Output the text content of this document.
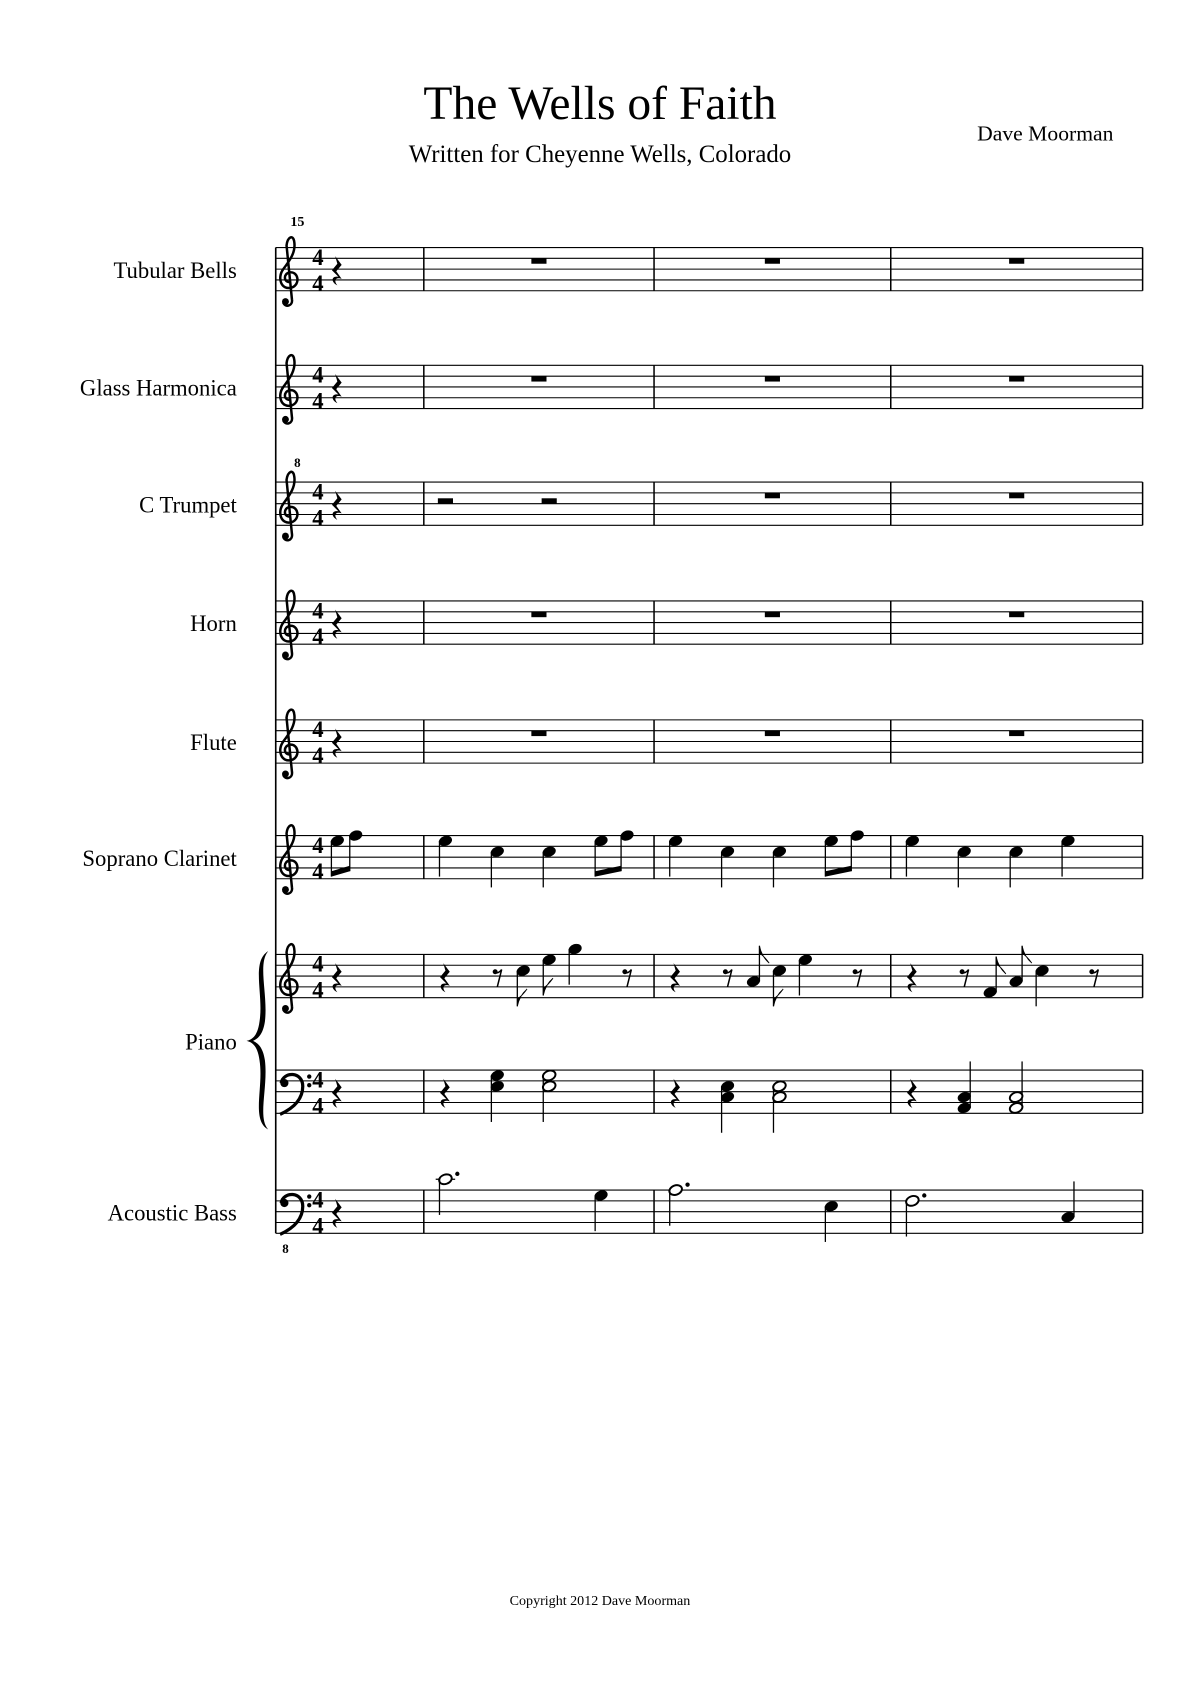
The Wells of Faith
Written for Cheyenne Wells, Colorado
Dave Moorman
15
Copyright 2012 Dave Moorman
Tubular Bells
4
4
Glass Harmonica
4
4
C Trumpet
8
4
4
Horn
4
4
Flute
4
4
Soprano Clarinet
4
4
Piano
4
4
4
4
Acoustic Bass
8
4
4
